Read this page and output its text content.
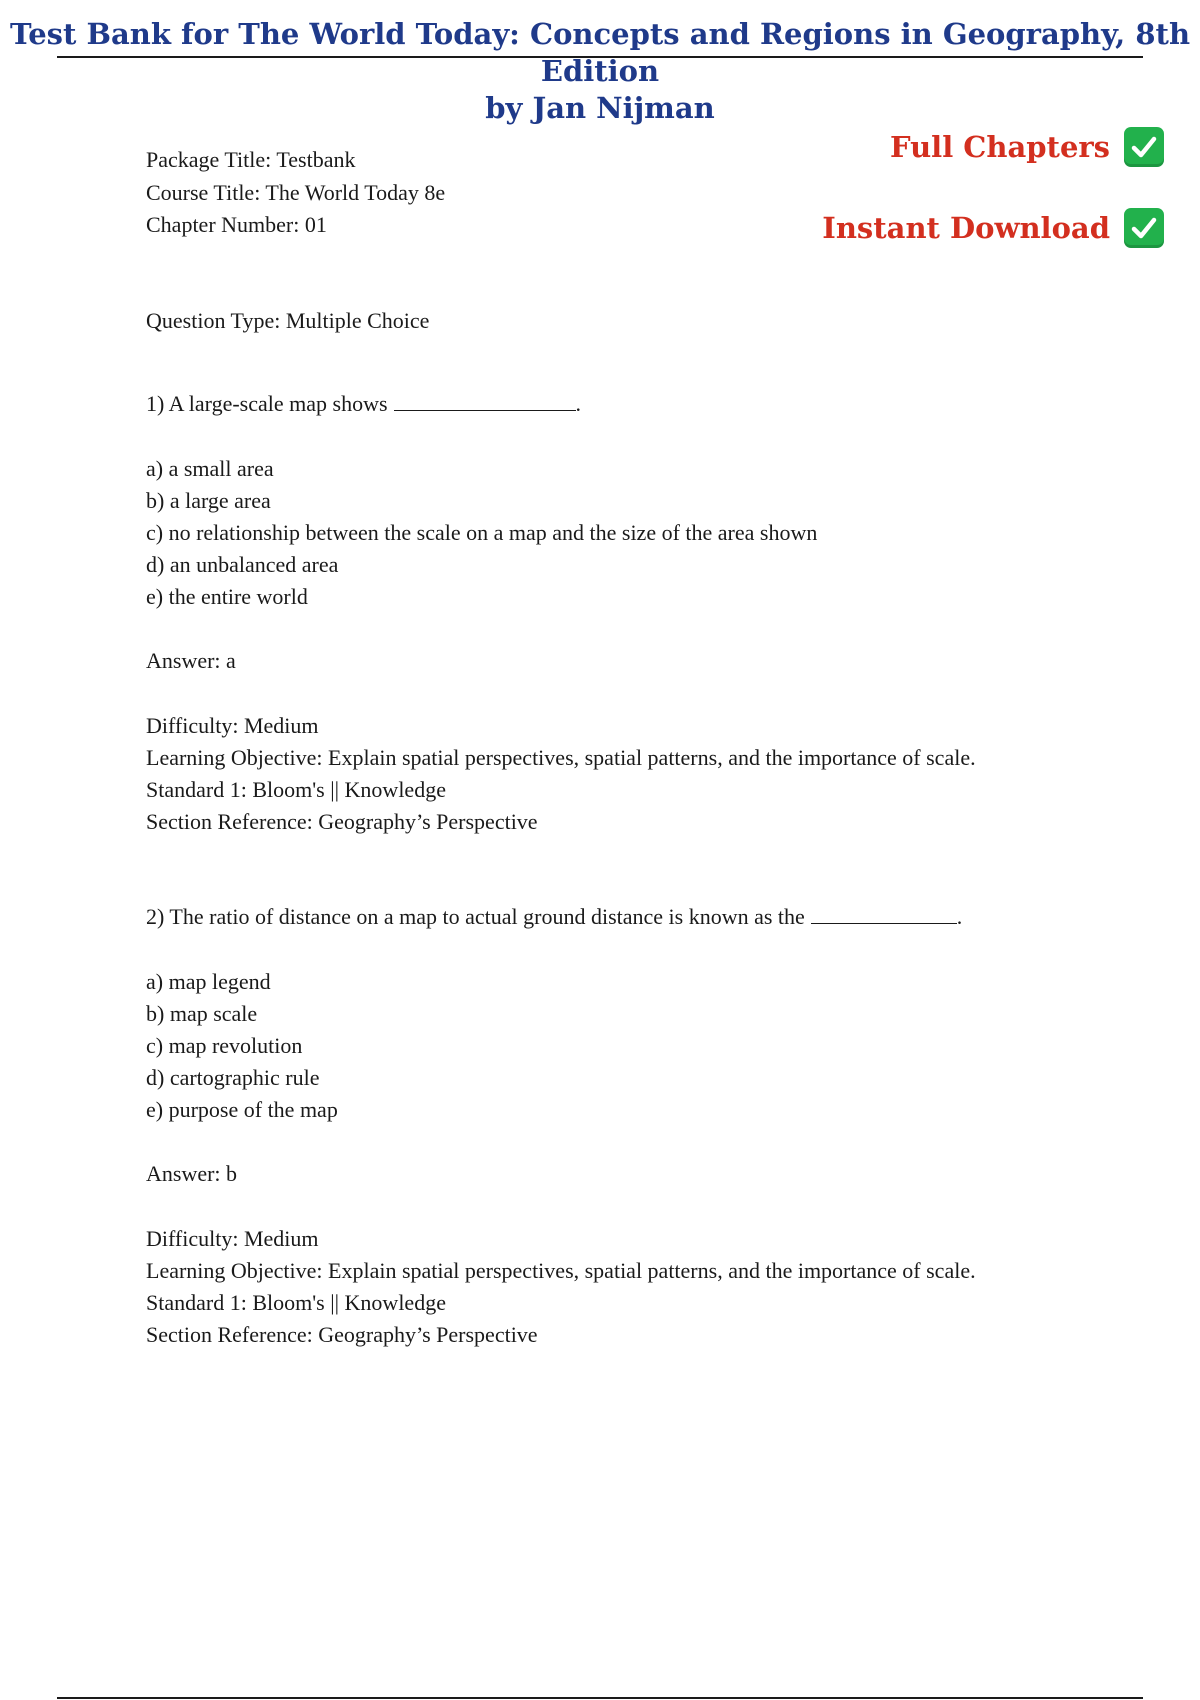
Test Bank for The World Today: Concepts and Regions in Geography, 8th Edition
by Jan Nijman
Package Title: Testbank
Course Title: The World Today 8e
Chapter Number: 01
Full Chapters
Instant Download
Question Type: Multiple Choice
1) A large-scale map shows	.
a) a small area
b) a large area
c) no relationship between the scale on a map and the size of the area shown
d) an unbalanced area
e) the entire world
Answer: a
Difficulty: Medium
Learning Objective: Explain spatial perspectives, spatial patterns, and the importance of scale.
Standard 1: Bloom's || Knowledge
Section Reference: Geography’s Perspective
2) The ratio of distance on a map to actual ground distance is known as the	.
a) map legend
b) map scale
c) map revolution
d) cartographic rule
e) purpose of the map
Answer: b
Difficulty: Medium
Learning Objective: Explain spatial perspectives, spatial patterns, and the importance of scale.
Standard 1: Bloom's || Knowledge
Section Reference: Geography’s Perspective
